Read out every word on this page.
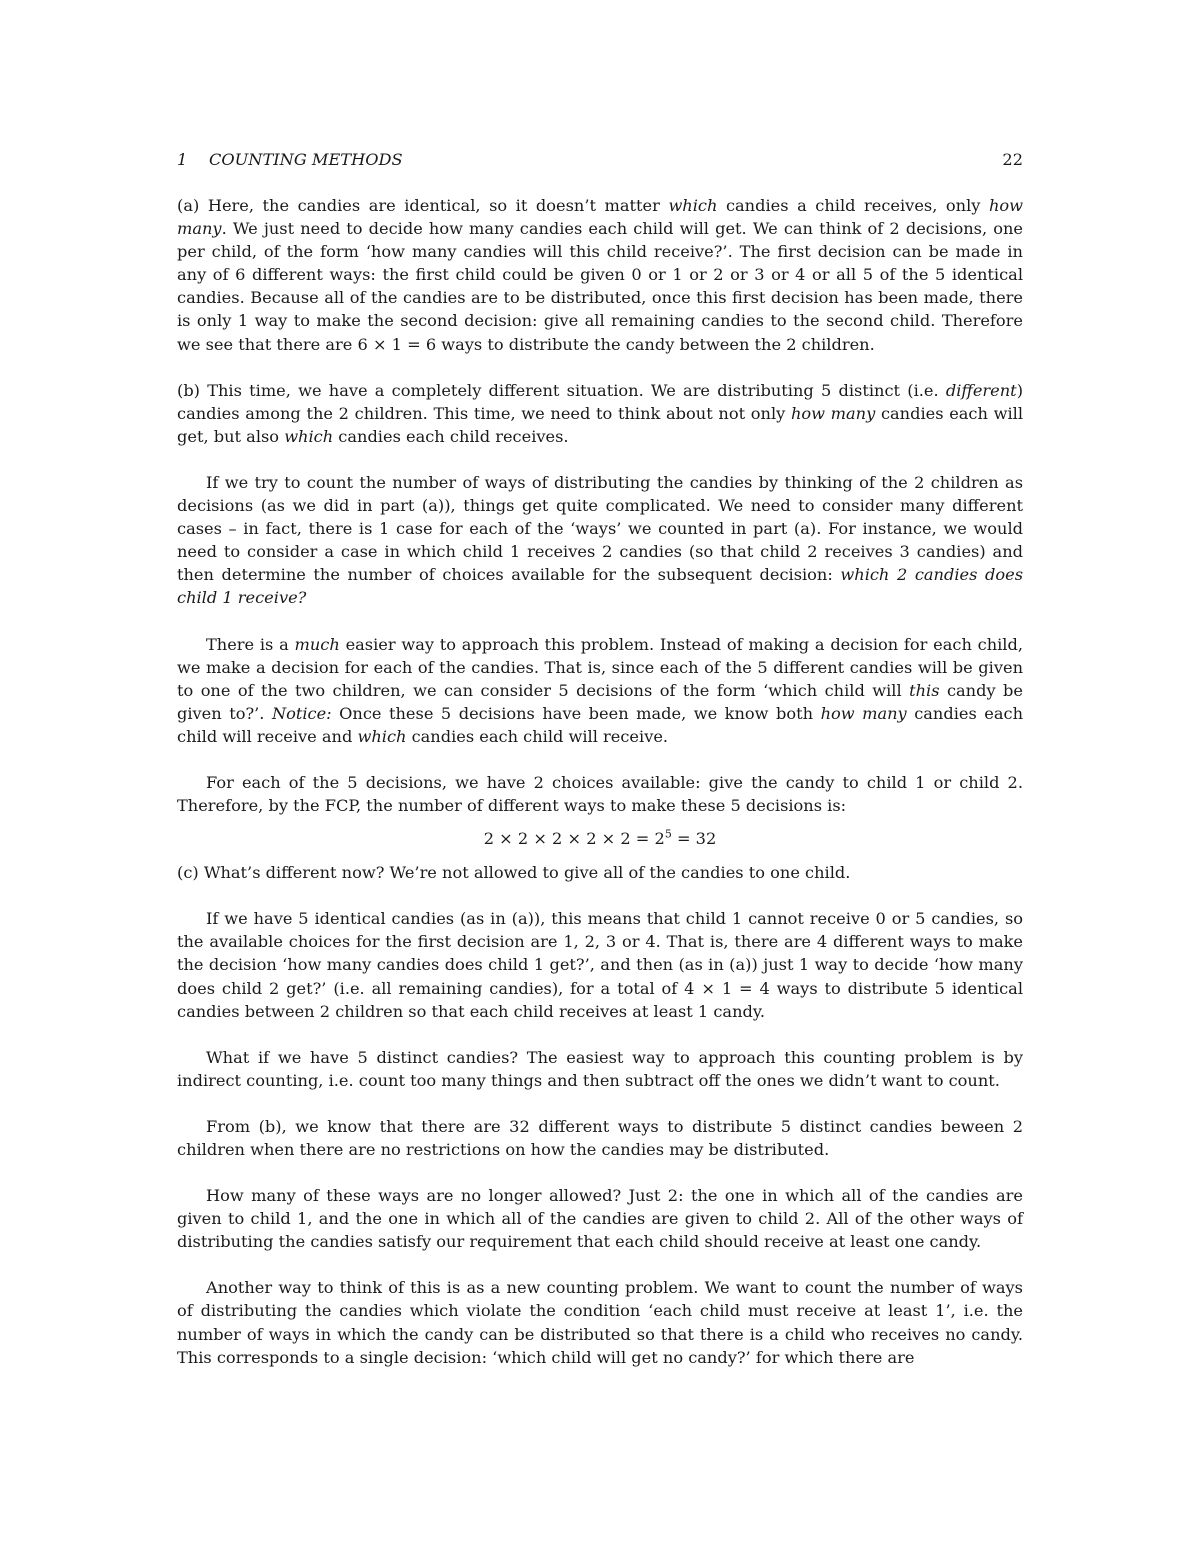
1 COUNTING METHODS	22

(a) Here, the candies are identical, so it doesn’t matter which candies a child receives, only how many. We just need to decide how many candies each child will get. We can think of 2 decisions, one per child, of the form ‘how many candies will this child receive?’. The first decision can be made in any of 6 different ways: the first child could be given 0 or 1 or 2 or 3 or 4 or all 5 of the 5 identical candies. Because all of the candies are to be distributed, once this first decision has been made, there is only 1 way to make the second decision: give all remaining candies to the second child. Therefore we see that there are 6 × 1 = 6 ways to distribute the candy between the 2 children.

(b) This time, we have a completely different situation. We are distributing 5 distinct (i.e. different) candies among the 2 children. This time, we need to think about not only how many candies each will get, but also which candies each child receives.

If we try to count the number of ways of distributing the candies by thinking of the 2 children as decisions (as we did in part (a)), things get quite complicated. We need to consider many different cases – in fact, there is 1 case for each of the ‘ways’ we counted in part (a). For instance, we would need to consider a case in which child 1 receives 2 candies (so that child 2 receives 3 candies) and then determine the number of choices available for the subsequent decision: which 2 candies does child 1 receive?

There is a much easier way to approach this problem. Instead of making a decision for each child, we make a decision for each of the candies. That is, since each of the 5 different candies will be given to one of the two children, we can consider 5 decisions of the form ‘which child will this candy be given to?’. Notice: Once these 5 decisions have been made, we know both how many candies each child will receive and which candies each child will receive.

For each of the 5 decisions, we have 2 choices available: give the candy to child 1 or child 2. Therefore, by the FCP, the number of different ways to make these 5 decisions is:

$2 \times 2 \times 2 \times 2 \times 2 = 2^5 = 32$

(c) What’s different now? We’re not allowed to give all of the candies to one child.

If we have 5 identical candies (as in (a)), this means that child 1 cannot receive 0 or 5 candies, so the available choices for the first decision are 1, 2, 3 or 4. That is, there are 4 different ways to make the decision ‘how many candies does child 1 get?’, and then (as in (a)) just 1 way to decide ‘how many does child 2 get?’ (i.e. all remaining candies), for a total of 4 × 1 = 4 ways to distribute 5 identical candies between 2 children so that each child receives at least 1 candy.

What if we have 5 distinct candies? The easiest way to approach this counting problem is by indirect counting, i.e. count too many things and then subtract off the ones we didn’t want to count.

From (b), we know that there are 32 different ways to distribute 5 distinct candies beween 2 children when there are no restrictions on how the candies may be distributed.

How many of these ways are no longer allowed? Just 2: the one in which all of the candies are given to child 1, and the one in which all of the candies are given to child 2. All of the other ways of distributing the candies satisfy our requirement that each child should receive at least one candy.

Another way to think of this is as a new counting problem. We want to count the number of ways of distributing the candies which violate the condition ‘each child must receive at least 1’, i.e. the number of ways in which the candy can be distributed so that there is a child who receives no candy. This corresponds to a single decision: ‘which child will get no candy?’ for which there are
